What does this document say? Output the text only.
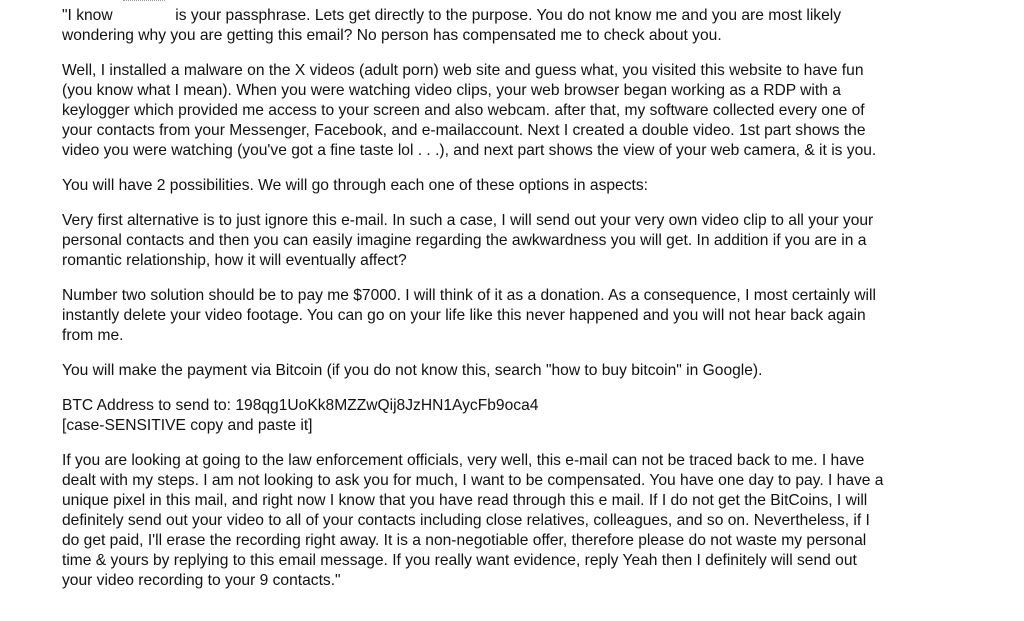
"I know	is your passphrase. Lets get directly to the purpose. You do not know me and you are most likely
wondering why you are getting this email? No person has compensated me to check about you.

Well, I installed a malware on the X videos (adult porn) web site and guess what, you visited this website to have fun
(you know what I mean). When you were watching video clips, your web browser began working as a RDP with a
keylogger which provided me access to your screen and also webcam. after that, my software collected every one of
your contacts from your Messenger, Facebook, and e-mailaccount. Next I created a double video. 1st part shows the
video you were watching (you've got a fine taste lol . . .), and next part shows the view of your web camera, & it is you.

You will have 2 possibilities. We will go through each one of these options in aspects:

Very first alternative is to just ignore this e-mail. In such a case, I will send out your very own video clip to all your your
personal contacts and then you can easily imagine regarding the awkwardness you will get. In addition if you are in a
romantic relationship, how it will eventually affect?

Number two solution should be to pay me $7000. I will think of it as a donation. As a consequence, I most certainly will
instantly delete your video footage. You can go on your life like this never happened and you will not hear back again
from me.

You will make the payment via Bitcoin (if you do not know this, search "how to buy bitcoin" in Google).

BTC Address to send to: 198qg1UoKk8MZZwQij8JzHN1AycFb9oca4
[case-SENSITIVE copy and paste it]

If you are looking at going to the law enforcement officials, very well, this e-mail can not be traced back to me. I have
dealt with my steps. I am not looking to ask you for much, I want to be compensated. You have one day to pay. I have a
unique pixel in this mail, and right now I know that you have read through this e mail. If I do not get the BitCoins, I will
definitely send out your video to all of your contacts including close relatives, colleagues, and so on. Nevertheless, if I
do get paid, I'll erase the recording right away. It is a non-negotiable offer, therefore please do not waste my personal
time & yours by replying to this email message. If you really want evidence, reply Yeah then I definitely will send out
your video recording to your 9 contacts."
